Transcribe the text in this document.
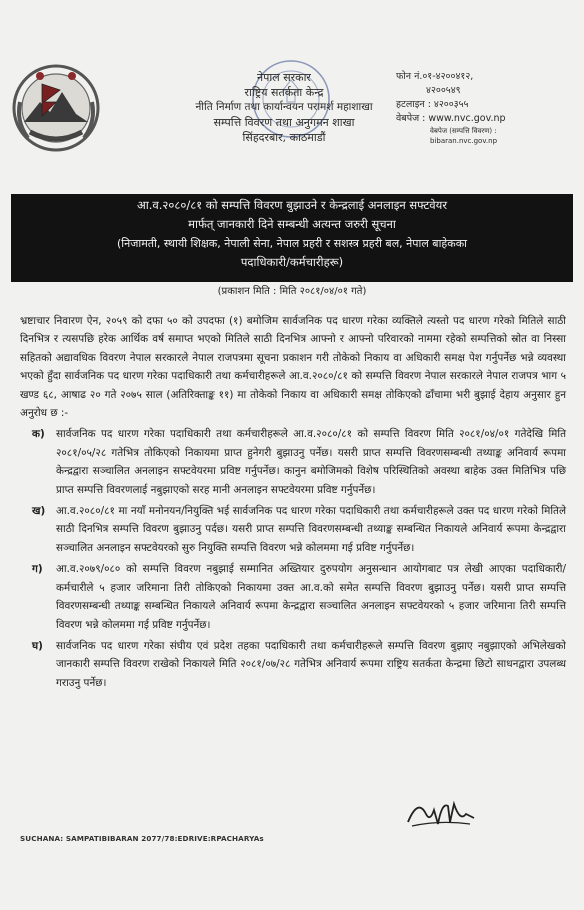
नेपाल सरकार
राष्ट्रिय सतर्कता केन्द्र
नीति निर्माण तथा कार्यान्वयन परामर्श महाशाखा
सम्पत्ति विवरण तथा अनुगमन शाखा
सिंहदरबार, काठमाडौं
फोन नं.०१-४२००४१२,
४२००५४९
हटलाइन : ४२००३५५
वेबपेज : www.nvc.gov.np
वेबपेज (सम्पत्ति विवरण) :
bibaran.nvc.gov.np
आ.व.२०८०/८१ को सम्पत्ति विवरण बुझाउने र केन्द्रलाई अनलाइन सफ्टवेयर
मार्फत् जानकारी दिने सम्बन्धी अत्यन्त जरुरी सूचना
(निजामती, स्थायी शिक्षक, नेपाली सेना, नेपाल प्रहरी र सशस्त्र प्रहरी बल, नेपाल बाहेकका
पदाधिकारी/कर्मचारीहरू)
(प्रकाशन मिति : मिति २०८१/०४/०१ गते)

भ्रष्टाचार निवारण ऐन, २०५९ को दफा ५० को उपदफा (१) बमोजिम सार्वजनिक पद धारण गरेका व्यक्तिले त्यस्तो पद धारण गरेको मितिले साठी दिनभित्र र त्यसपछि हरेक आर्थिक वर्ष समाप्त भएको मितिले साठी दिनभित्र आफ्नो र आफ्नो परिवारको नाममा रहेको सम्पत्तिको स्रोत वा निस्सा सहितको अद्यावधिक विवरण नेपाल सरकारले नेपाल राजपत्रमा सूचना प्रकाशन गरी तोकेको निकाय वा अधिकारी समक्ष पेश गर्नुपर्नेछ भन्ने व्यवस्था भएको हुँदा सार्वजनिक पद धारण गरेका पदाधिकारी तथा कर्मचारीहरूले आ.व.२०८०/८१ को सम्पत्ति विवरण नेपाल सरकारले नेपाल राजपत्र भाग ५ खण्ड ६८, आषाढ २० गते २०७५ साल (अतिरिक्ताङ्क ११) मा तोकेको निकाय वा अधिकारी समक्ष तोकिएको ढाँचामा भरी बुझाई देहाय अनुसार हुन अनुरोध छ :-

क) सार्वजनिक पद धारण गरेका पदाधिकारी तथा कर्मचारीहरूले आ.व.२०८०/८१ को सम्पत्ति विवरण मिति २०८१/०४/०१ गतेदेखि मिति २०८१/०५/२८ गतेभित्र तोकिएको निकायमा प्राप्त हुनेगरी बुझाउनु पर्नेछ। यसरी प्राप्त सम्पत्ति विवरणसम्बन्धी तथ्याङ्क अनिवार्य रूपमा केन्द्रद्वारा सञ्चालित अनलाइन सफ्टवेयरमा प्रविष्ट गर्नुपर्नेछ। कानुन बमोजिमको विशेष परिस्थितिको अवस्था बाहेक उक्त मितिभित्र पछि प्राप्त सम्पत्ति विवरणलाई नबुझाएको सरह मानी अनलाइन सफ्टवेयरमा प्रविष्ट गर्नुपर्नेछ।
ख) आ.व.२०८०/८१ मा नयाँ मनोनयन/नियुक्ति भई सार्वजनिक पद धारण गरेका पदाधिकारी तथा कर्मचारीहरूले उक्त पद धारण गरेको मितिले साठी दिनभित्र सम्पत्ति विवरण बुझाउनु पर्दछ। यसरी प्राप्त सम्पत्ति विवरणसम्बन्धी तथ्याङ्क सम्बन्धित निकायले अनिवार्य रूपमा केन्द्रद्वारा सञ्चालित अनलाइन सफ्टवेयरको सुरु नियुक्ति सम्पत्ति विवरण भन्ने कोलममा गई प्रविष्ट गर्नुपर्नेछ।
ग) आ.व.२०७९/०८० को सम्पत्ति विवरण नबुझाई सम्मानित अख्तियार दुरुपयोग अनुसन्धान आयोगबाट पत्र लेखी आएका पदाधिकारी/कर्मचारीले ५ हजार जरिमाना तिरी तोकिएको निकायमा उक्त आ.व.को समेत सम्पत्ति विवरण बुझाउनु पर्नेछ। यसरी प्राप्त सम्पत्ति विवरणसम्बन्धी तथ्याङ्क सम्बन्धित निकायले अनिवार्य रूपमा केन्द्रद्वारा सञ्चालित अनलाइन सफ्टवेयरको ५ हजार जरिमाना तिरी सम्पत्ति विवरण भन्ने कोलममा गई प्रविष्ट गर्नुपर्नेछ।
घ) सार्वजनिक पद धारण गरेका संघीय एवं प्रदेश तहका पदाधिकारी तथा कर्मचारीहरूले सम्पत्ति विवरण बुझाए नबुझाएको अभिलेखको जानकारी सम्पत्ति विवरण राखेको निकायले मिति २०८१/०७/२८ गतेभित्र अनिवार्य रूपमा राष्ट्रिय सतर्कता केन्द्रमा छिटो साधनद्वारा उपलब्ध गराउनु पर्नेछ।
SUCHANA: SAMPATIBIBARAN 2077/78:EDRIVE:RPACHARYAs
